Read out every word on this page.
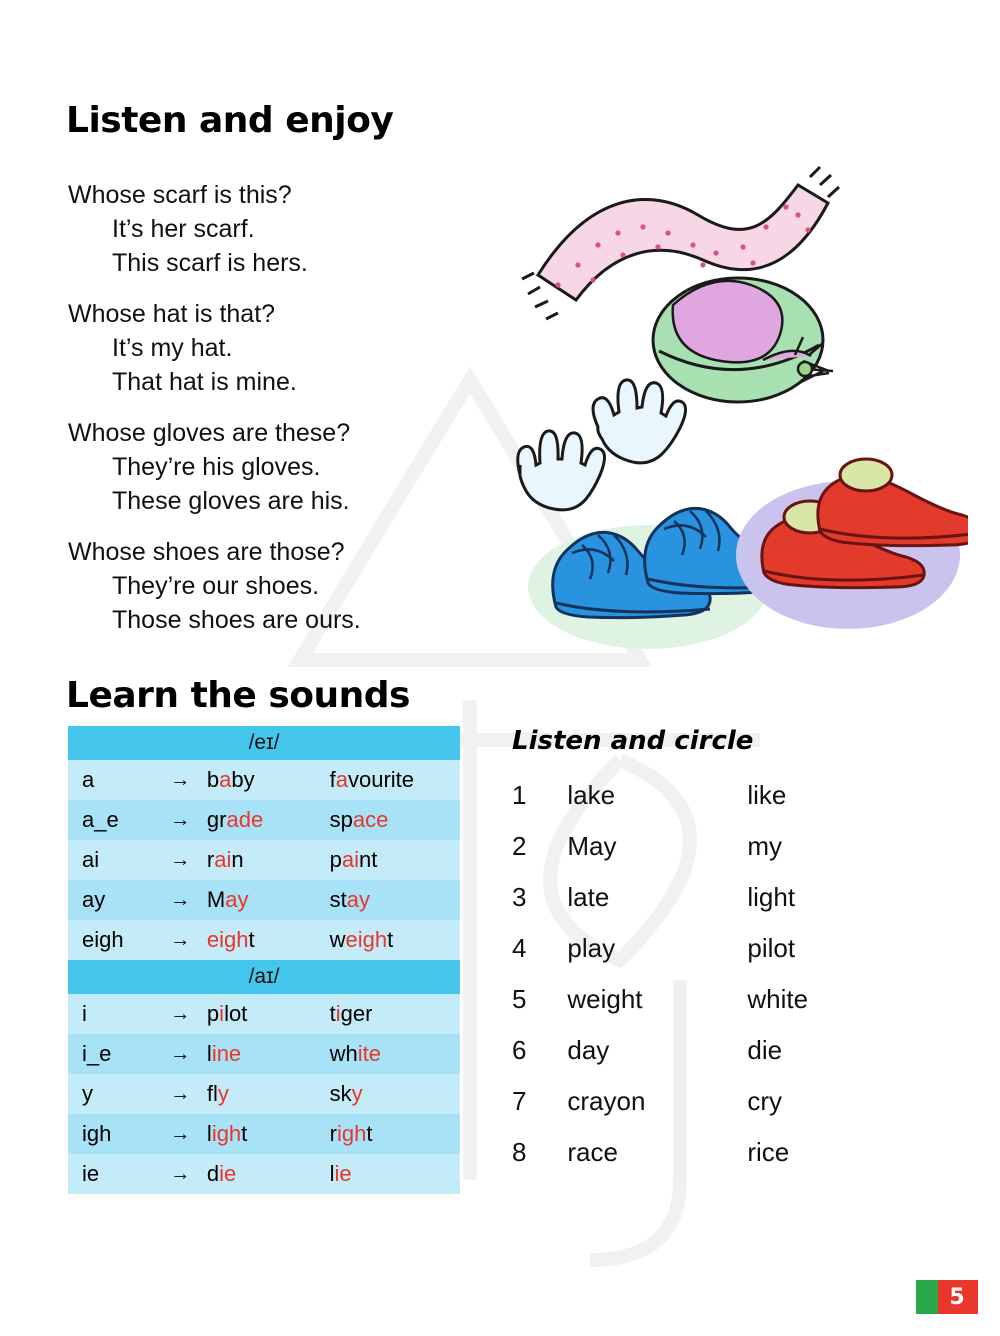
Listen and enjoy
Whose scarf is this?
It’s her scarf.
This scarf is hers.
Whose hat is that?
It’s my hat.
That hat is mine.
Whose gloves are these?
They’re his gloves.
These gloves are his.
Whose shoes are those?
They’re our shoes.
Those shoes are ours.
Learn the sounds
/eɪ/			
a	→	baby	favourite
a_e	→	grade	space
ai	→	rain	paint
ay	→	May	stay
eigh	→	eight	weight
/aɪ/			
i	→	pilot	tiger
i_e	→	line	white
y	→	fly	sky
igh	→	light	right
ie	→	die	lie
Listen and circle
1	lake	like
2	May	my
3	late	light
4	play	pilot
5	weight	white
6	day	die
7	crayon	cry
8	race	rice
5
